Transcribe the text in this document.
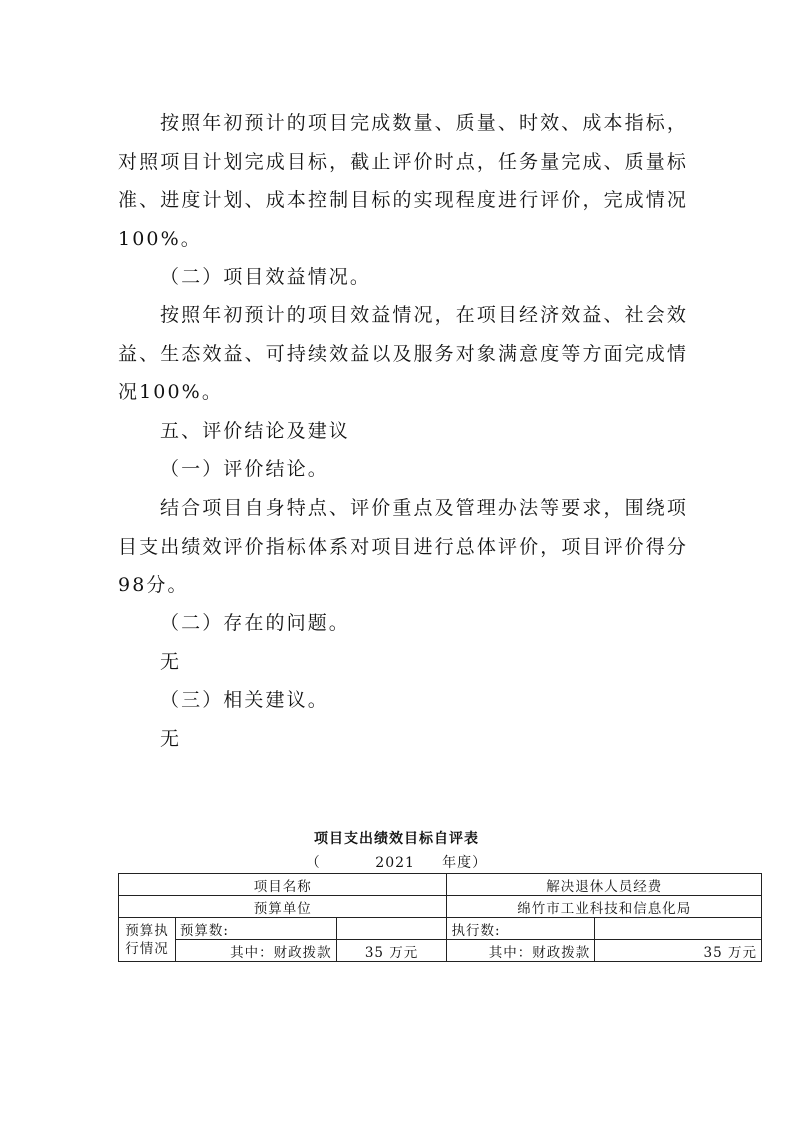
按照年初预计的项目完成数量、质量、时效、成本指标，对照项目计划完成目标，截止评价时点，任务量完成、质量标准、进度计划、成本控制目标的实现程度进行评价，完成情况100%。
（二）项目效益情况。
按照年初预计的项目效益情况，在项目经济效益、社会效益、生态效益、可持续效益以及服务对象满意度等方面完成情况100%。
五、评价结论及建议
（一）评价结论。
结合项目自身特点、评价重点及管理办法等要求，围绕项目支出绩效评价指标体系对项目进行总体评价，项目评价得分98分。
（二）存在的问题。
无
（三）相关建议。
无
项目支出绩效目标自评表
（          2021     年度）
项目名称			解决退休人员经费	
预算单位			绵竹市工业科技和信息化局	
预算执行情况	预算数:		执行数:	
	其中：财政拨款	35 万元	其中：财政拨款	35 万元
